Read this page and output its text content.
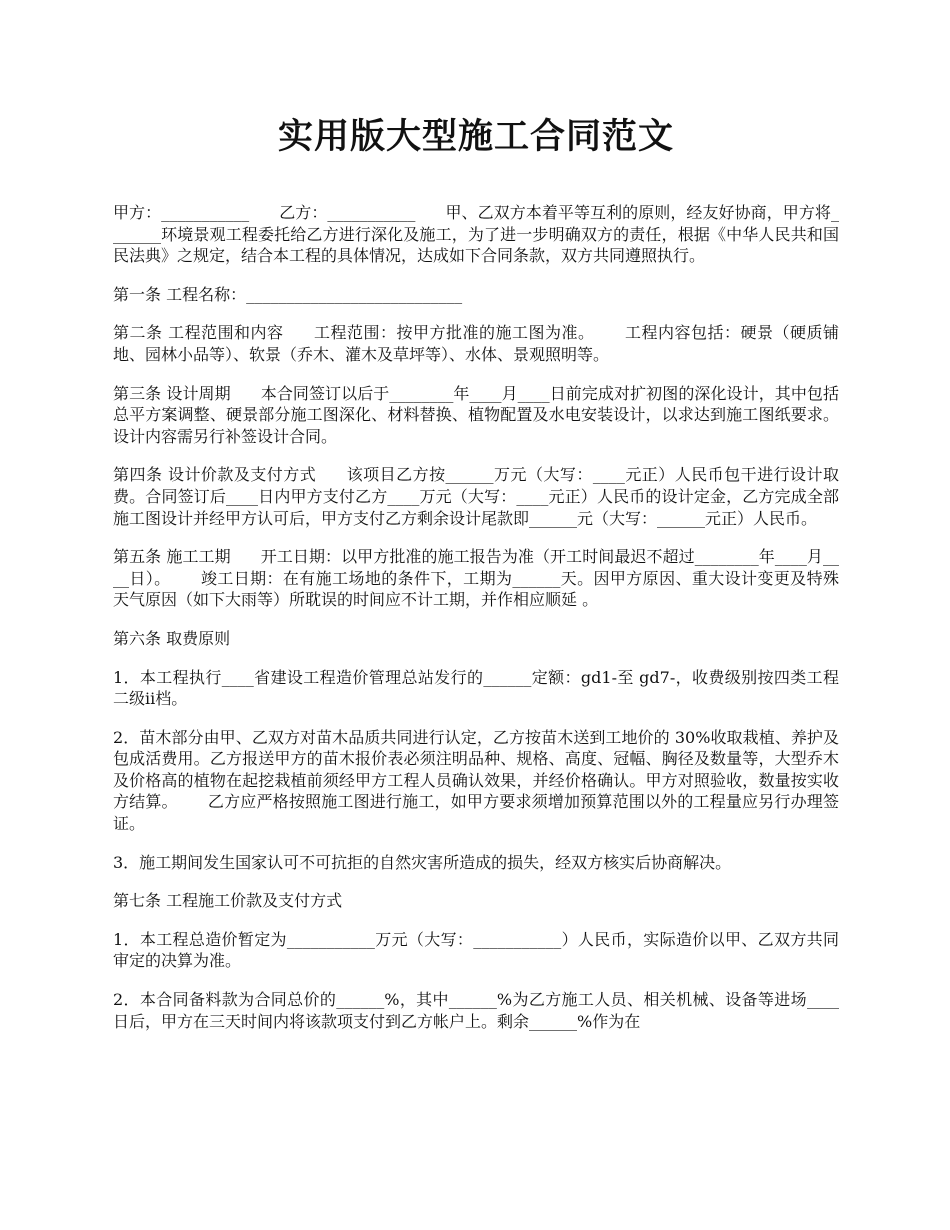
实用版大型施工合同范文

甲方：___________ 乙方：___________ 甲、乙双方本着平等互利的原则，经友好协商，甲方将_______环境景观工程委托给乙方进行深化及施工，为了进一步明确双方的责任，根据《中华人民共和国民法典》之规定，结合本工程的具体情况，达成如下合同条款，双方共同遵照执行。

第一条 工程名称：___________________________

第二条 工程范围和内容 工程范围：按甲方批准的施工图为准。 工程内容包括：硬景（硬质铺地、园林小品等）、软景（乔木、灌木及草坪等）、水体、景观照明等。

第三条 设计周期 本合同签订以后于________年____月____日前完成对扩初图的深化设计，其中包括总平方案调整、硬景部分施工图深化、材料替换、植物配置及水电安装设计，以求达到施工图纸要求。设计内容需另行补签设计合同。

第四条 设计价款及支付方式 该项目乙方按______万元（大写：____元正）人民币包干进行设计取费。合同签订后____日内甲方支付乙方____万元（大写：____元正）人民币的设计定金，乙方完成全部施工图设计并经甲方认可后，甲方支付乙方剩余设计尾款即______元（大写：______元正）人民币。

第五条 施工工期 开工日期：以甲方批准的施工报告为准（开工时间最迟不超过________年____月____日）。 竣工日期：在有施工场地的条件下，工期为______天。因甲方原因、重大设计变更及特殊天气原因（如下大雨等）所耽误的时间应不计工期，并作相应顺延 。

第六条 取费原则

1．本工程执行____省建设工程造价管理总站发行的______定额：gd1-至 gd7-，收费级别按四类工程二级ⅰⅰ档。

2．苗木部分由甲、乙双方对苗木品质共同进行认定，乙方按苗木送到工地价的 30%收取栽植、养护及包成活费用。乙方报送甲方的苗木报价表必须注明品种、规格、高度、冠幅、胸径及数量等，大型乔木及价格高的植物在起挖栽植前须经甲方工程人员确认效果，并经价格确认。甲方对照验收，数量按实收方结算。 乙方应严格按照施工图进行施工，如甲方要求须增加预算范围以外的工程量应另行办理签证。

3．施工期间发生国家认可不可抗拒的自然灾害所造成的损失，经双方核实后协商解决。

第七条 工程施工价款及支付方式

1．本工程总造价暂定为___________万元（大写：___________）人民币，实际造价以甲、乙双方共同审定的决算为准。

2．本合同备料款为合同总价的______%，其中______%为乙方施工人员、相关机械、设备等进场____日后，甲方在三天时间内将该款项支付到乙方帐户上。剩余______%作为在
